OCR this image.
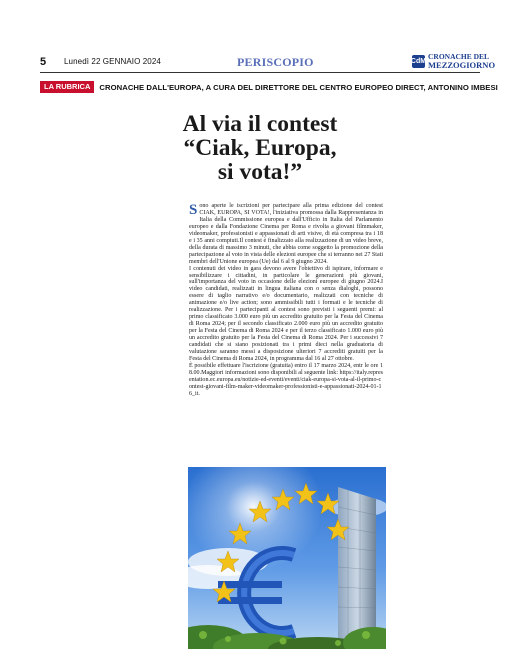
5 Lunedì 22 GENNAIO 2024	PERISCOPIO	CdM CRONACHE DEL
MEZZOGIORNO
LA RUBRICA	CRONACHE DALL'EUROPA, A CURA DEL DIRETTORE DEL CENTRO EUROPEO DIRECT, ANTONINO IMBESI
Al via il contest
“Ciak, Europa,
si vota!”

Sono aperte le iscrizioni per partecipare alla prima edizione del contest CIAK, EUROPA, SI VOTA!, l'iniziativa promossa dalla Rappresentanza in Italia della Commissione europea e dall'Ufficio in Italia del Parlamento europeo e dalla Fondazione Cinema per Roma e rivolta a giovani filmmaker, videomaker, professionisti e appassionati di arti visive, di età compresa tra i 18 e i 35 anni compiuti.Il contest è finalizzato alla realizzazione di un video breve, della durata di massimo 3 minuti, che abbia come soggetto la promozione della partecipazione al voto in vista delle elezioni europee che si terranno nei 27 Stati membri dell'Unione europea (Ue) dal 6 al 9 giugno 2024.

I contenuti dei video in gara devono avere l'obiettivo di ispirare, informare e sensibilizzare i cittadini, in particolare le generazioni più giovani, sull'importanza del voto in occasione delle elezioni europee di giugno 2024.I video candidati, realizzati in lingua italiana con o senza dialoghi, possono essere di taglio narrativo e/o documentario, realizzati con tecniche di animazione e/o live action; sono ammissibili tutti i formati e le tecniche di realizzazione. Per i partecipanti al contest sono previsti i seguenti premi: al primo classificato 3.000 euro più un accredito gratuito per la Festa del Cinema di Roma 2024; per il secondo classificato 2.000 euro più un accredito gratuito per la Festa del Cinema di Roma 2024 e per il terzo classificato 1.000 euro più un accredito gratuito per la Festa del Cinema di Roma 2024. Per i successivi 7 candidati che si siano posizionati tra i primi dieci nella graduatoria di valutazione saranno messi a disposizione ulteriori 7 accrediti gratuiti per la Festa del Cinema di Roma 2024, in programma dal 16 al 27 ottobre.

È possibile effettuare l'iscrizione (gratuita) entro il 17 marzo 2024, entr le ore 18.00.Maggiori informazioni sono disponibili al seguente link: https://italy.representation.ec.europa.eu/notizie-ed-eventi/eventi/ciak-europa-si-vota-al-il-primo-contest-giovani-film-maker-videomaker-professionisti-e-appassionati-2024-01-16_it.
